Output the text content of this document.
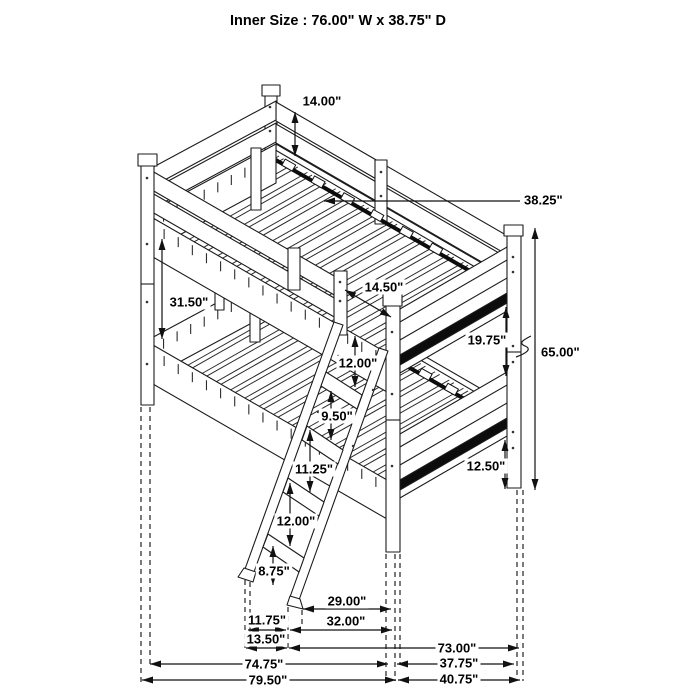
Inner Size : 76.00" W x 38.75" D
14.00"
38.25"
31.50"
14.50"
19.75"
65.00"
12.00"
9.50"
11.25"
12.00"
8.75"
12.50"
29.00"
11.75"	32.00"
13.50"
73.00"
74.75"	37.75"
79.50"	40.75"
